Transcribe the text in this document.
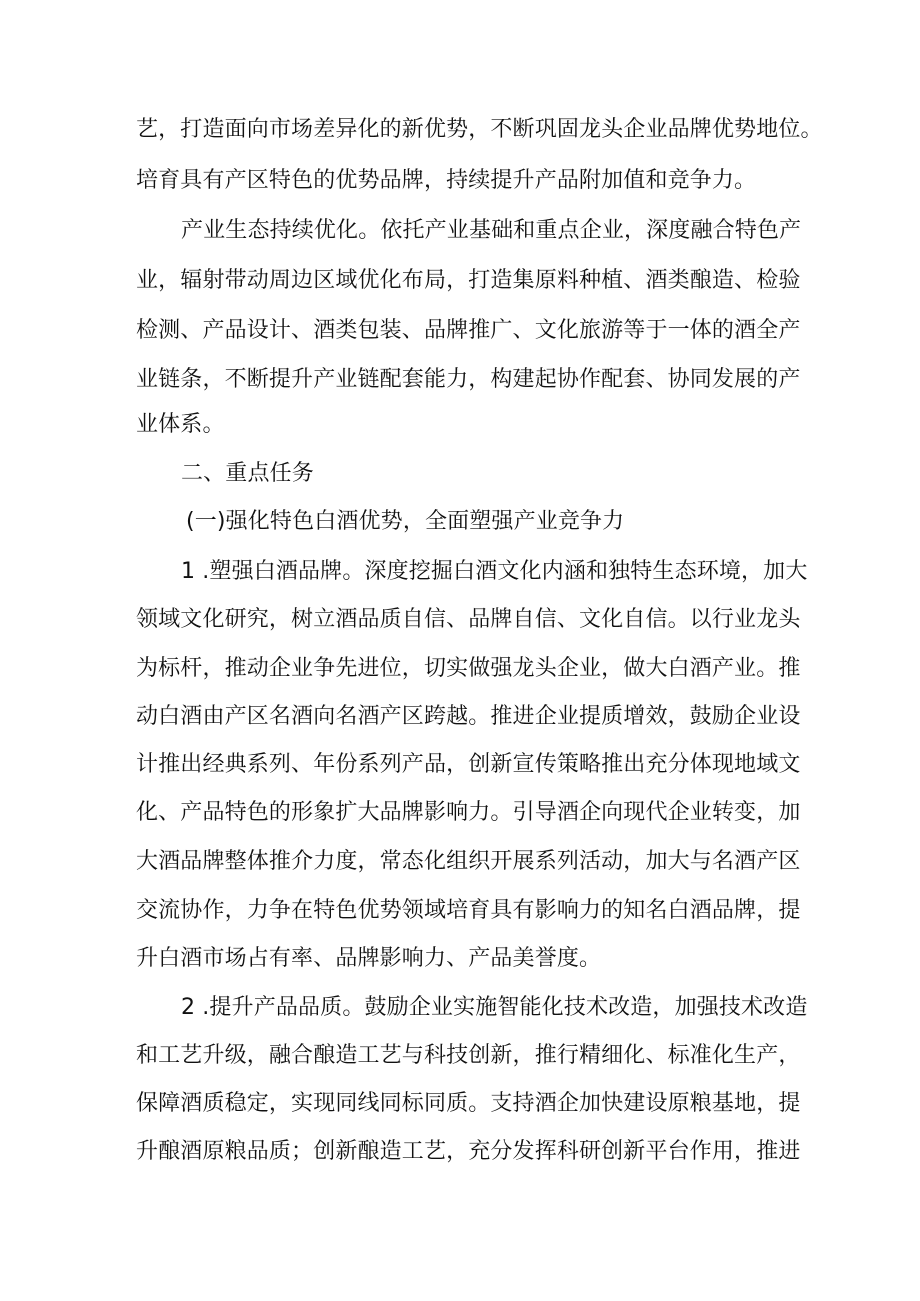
艺，打造面向市场差异化的新优势，不断巩固龙头企业品牌优势地位。
培育具有产区特色的优势品牌，持续提升产品附加值和竞争力。
产业生态持续优化。依托产业基础和重点企业，深度融合特色产
业，辐射带动周边区域优化布局，打造集原料种植、酒类酿造、检验
检测、产品设计、酒类包装、品牌推广、文化旅游等于一体的酒全产
业链条，不断提升产业链配套能力，构建起协作配套、协同发展的产
业体系。
二、重点任务
(一)强化特色白酒优势，全面塑强产业竞争力
1 .塑强白酒品牌。深度挖掘白酒文化内涵和独特生态环境，加大
领域文化研究，树立酒品质自信、品牌自信、文化自信。以行业龙头
为标杆，推动企业争先进位，切实做强龙头企业，做大白酒产业。推
动白酒由产区名酒向名酒产区跨越。推进企业提质增效，鼓励企业设
计推出经典系列、年份系列产品，创新宣传策略推出充分体现地域文
化、产品特色的形象扩大品牌影响力。引导酒企向现代企业转变，加
大酒品牌整体推介力度，常态化组织开展系列活动，加大与名酒产区
交流协作，力争在特色优势领域培育具有影响力的知名白酒品牌，提
升白酒市场占有率、品牌影响力、产品美誉度。
2 .提升产品品质。鼓励企业实施智能化技术改造，加强技术改造
和工艺升级，融合酿造工艺与科技创新，推行精细化、标准化生产，
保障酒质稳定，实现同线同标同质。支持酒企加快建设原粮基地，提
升酿酒原粮品质；创新酿造工艺，充分发挥科研创新平台作用，推进
